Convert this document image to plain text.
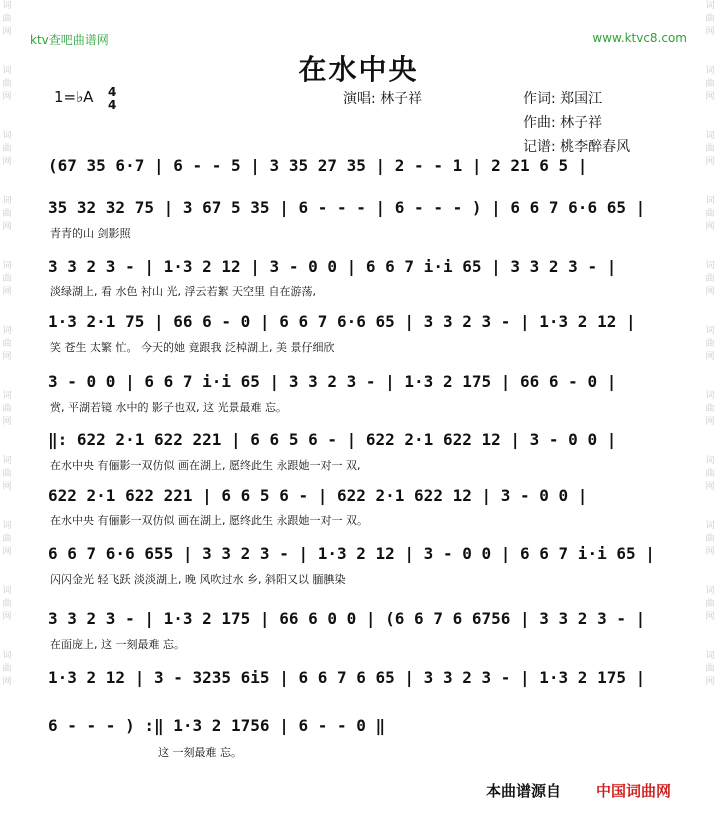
词
曲
网
词
曲
网
词
曲
网
词
曲
网
词
曲
网
词
曲
网
词
曲
网
词
曲
网
词
曲
网
词
曲
网
词
曲
网
词
曲
网
词
曲
网
词
曲
网
词
曲
网
词
曲
网
词
曲
网
词
曲
网
词
曲
网
词
曲
网
词
曲
网
词
曲
网
ktv查吧曲谱网	www.ktvc8.com
在水中央
1=♭A 4
4	演唱: 林子祥	作词: 郑国江
作曲: 林子祥
记谱: 桃李醉春风
(67 35 6·7 | 6 - - 5 | 3 35 27 35 | 2 - - 1 | 2 21 6 5 |
35 32 32 75 | 3 67 5 35 | 6 - - - | 6 - - - ) | 6 6 7 6·6 65 |
青青的山 剑影照
3 3 2 3 - | 1·3 2 12 | 3 - 0 0 | 6 6 7 i·i 65 | 3 3 2 3 - |
淡绿湖上, 看 水色 衬山 光, 浮云若絮 天空里 自在游荡,
1·3 2·1 75 | 66 6 - 0 | 6 6 7 6·6 65 | 3 3 2 3 - | 1·3 2 12 |
笑 苍生 太繁 忙。 今天的她 竟跟我 泛棹湖上, 美 景仔细欣
3 - 0 0 | 6 6 7 i·i 65 | 3 3 2 3 - | 1·3 2 175 | 66 6 - 0 |
赏, 平湖若镜 水中的 影子也双, 这 光景最难 忘。
‖: 622 2·1 622 221 | 6 6 5 6 - | 622 2·1 622 12 | 3 - 0 0 |
在水中央 有俪影一双仿似 画在湖上, 愿终此生 永跟她一对一 双,
622 2·1 622 221 | 6 6 5 6 - | 622 2·1 622 12 | 3 - 0 0 |
在水中央 有俪影一双仿似 画在湖上, 愿终此生 永跟她一对一 双。
6 6 7 6·6 655 | 3 3 2 3 - | 1·3 2 12 | 3 - 0 0 | 6 6 7 i·i 65 |
闪闪金光 轻飞跃 淡淡湖上, 晚 风吹过水 乡, 斜阳又以 腼腆染
3 3 2 3 - | 1·3 2 175 | 66 6 0 0 | (6 6 7 6 6756 | 3 3 2 3 - |
在面庞上, 这 一刻最难 忘。
1·3 2 12 | 3 - 3235 6i5 | 6 6 7 6 65 | 3 3 2 3 - | 1·3 2 175 |
6 - - - ) :‖ 1·3 2 1756 | 6 - - 0 ‖
这 一刻最难 忘。
本曲谱源自 中国词曲网
